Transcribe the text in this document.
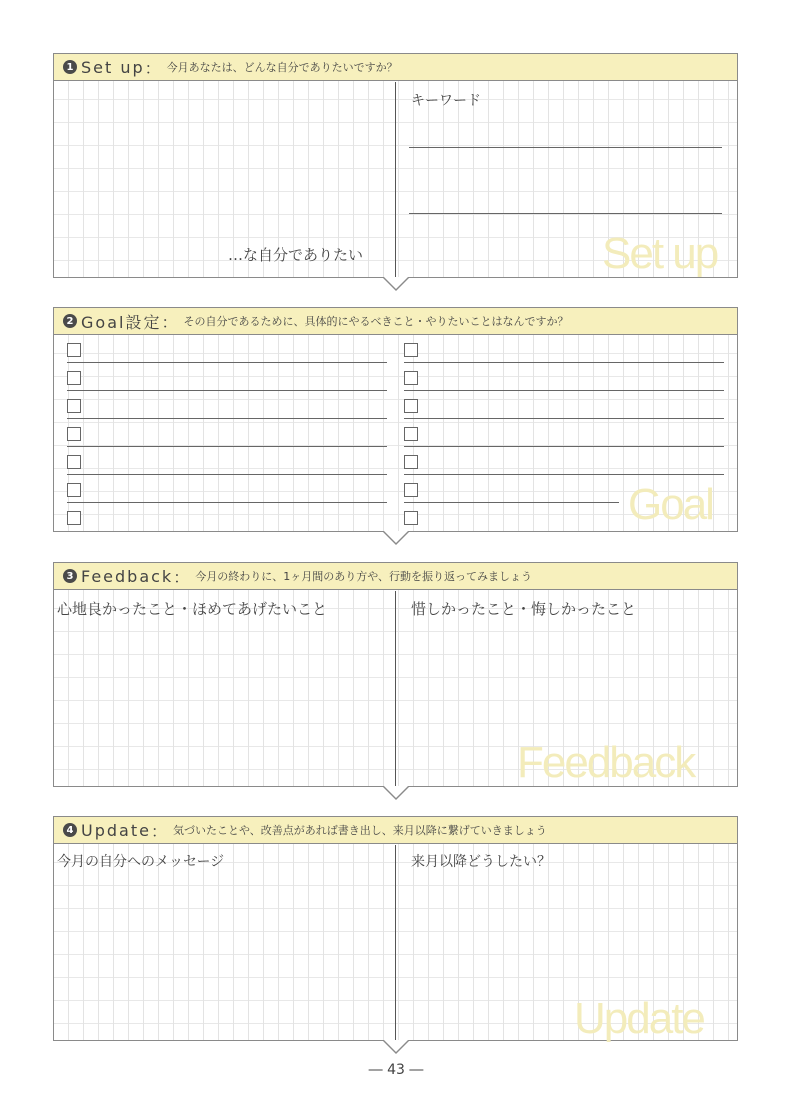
1 Set up ： 今月あなたは、どんな自分でありたいですか？
キーワード
Set up
…な自分でありたい
2 Goal設定 ： その自分であるために、具体的にやるべきこと・やりたいことはなんですか？
Goal
3 Feedback ： 今月の終わりに、1ヶ月間のあり方や、行動を振り返ってみましょう
心地良かったこと・ほめてあげたいこと	惜しかったこと・悔しかったこと
Feedback
4 Update ： 気づいたことや、改善点があれば書き出し、来月以降に繋げていきましょう
今月の自分へのメッセージ	来月以降どうしたい？
Update
― 43 ―
